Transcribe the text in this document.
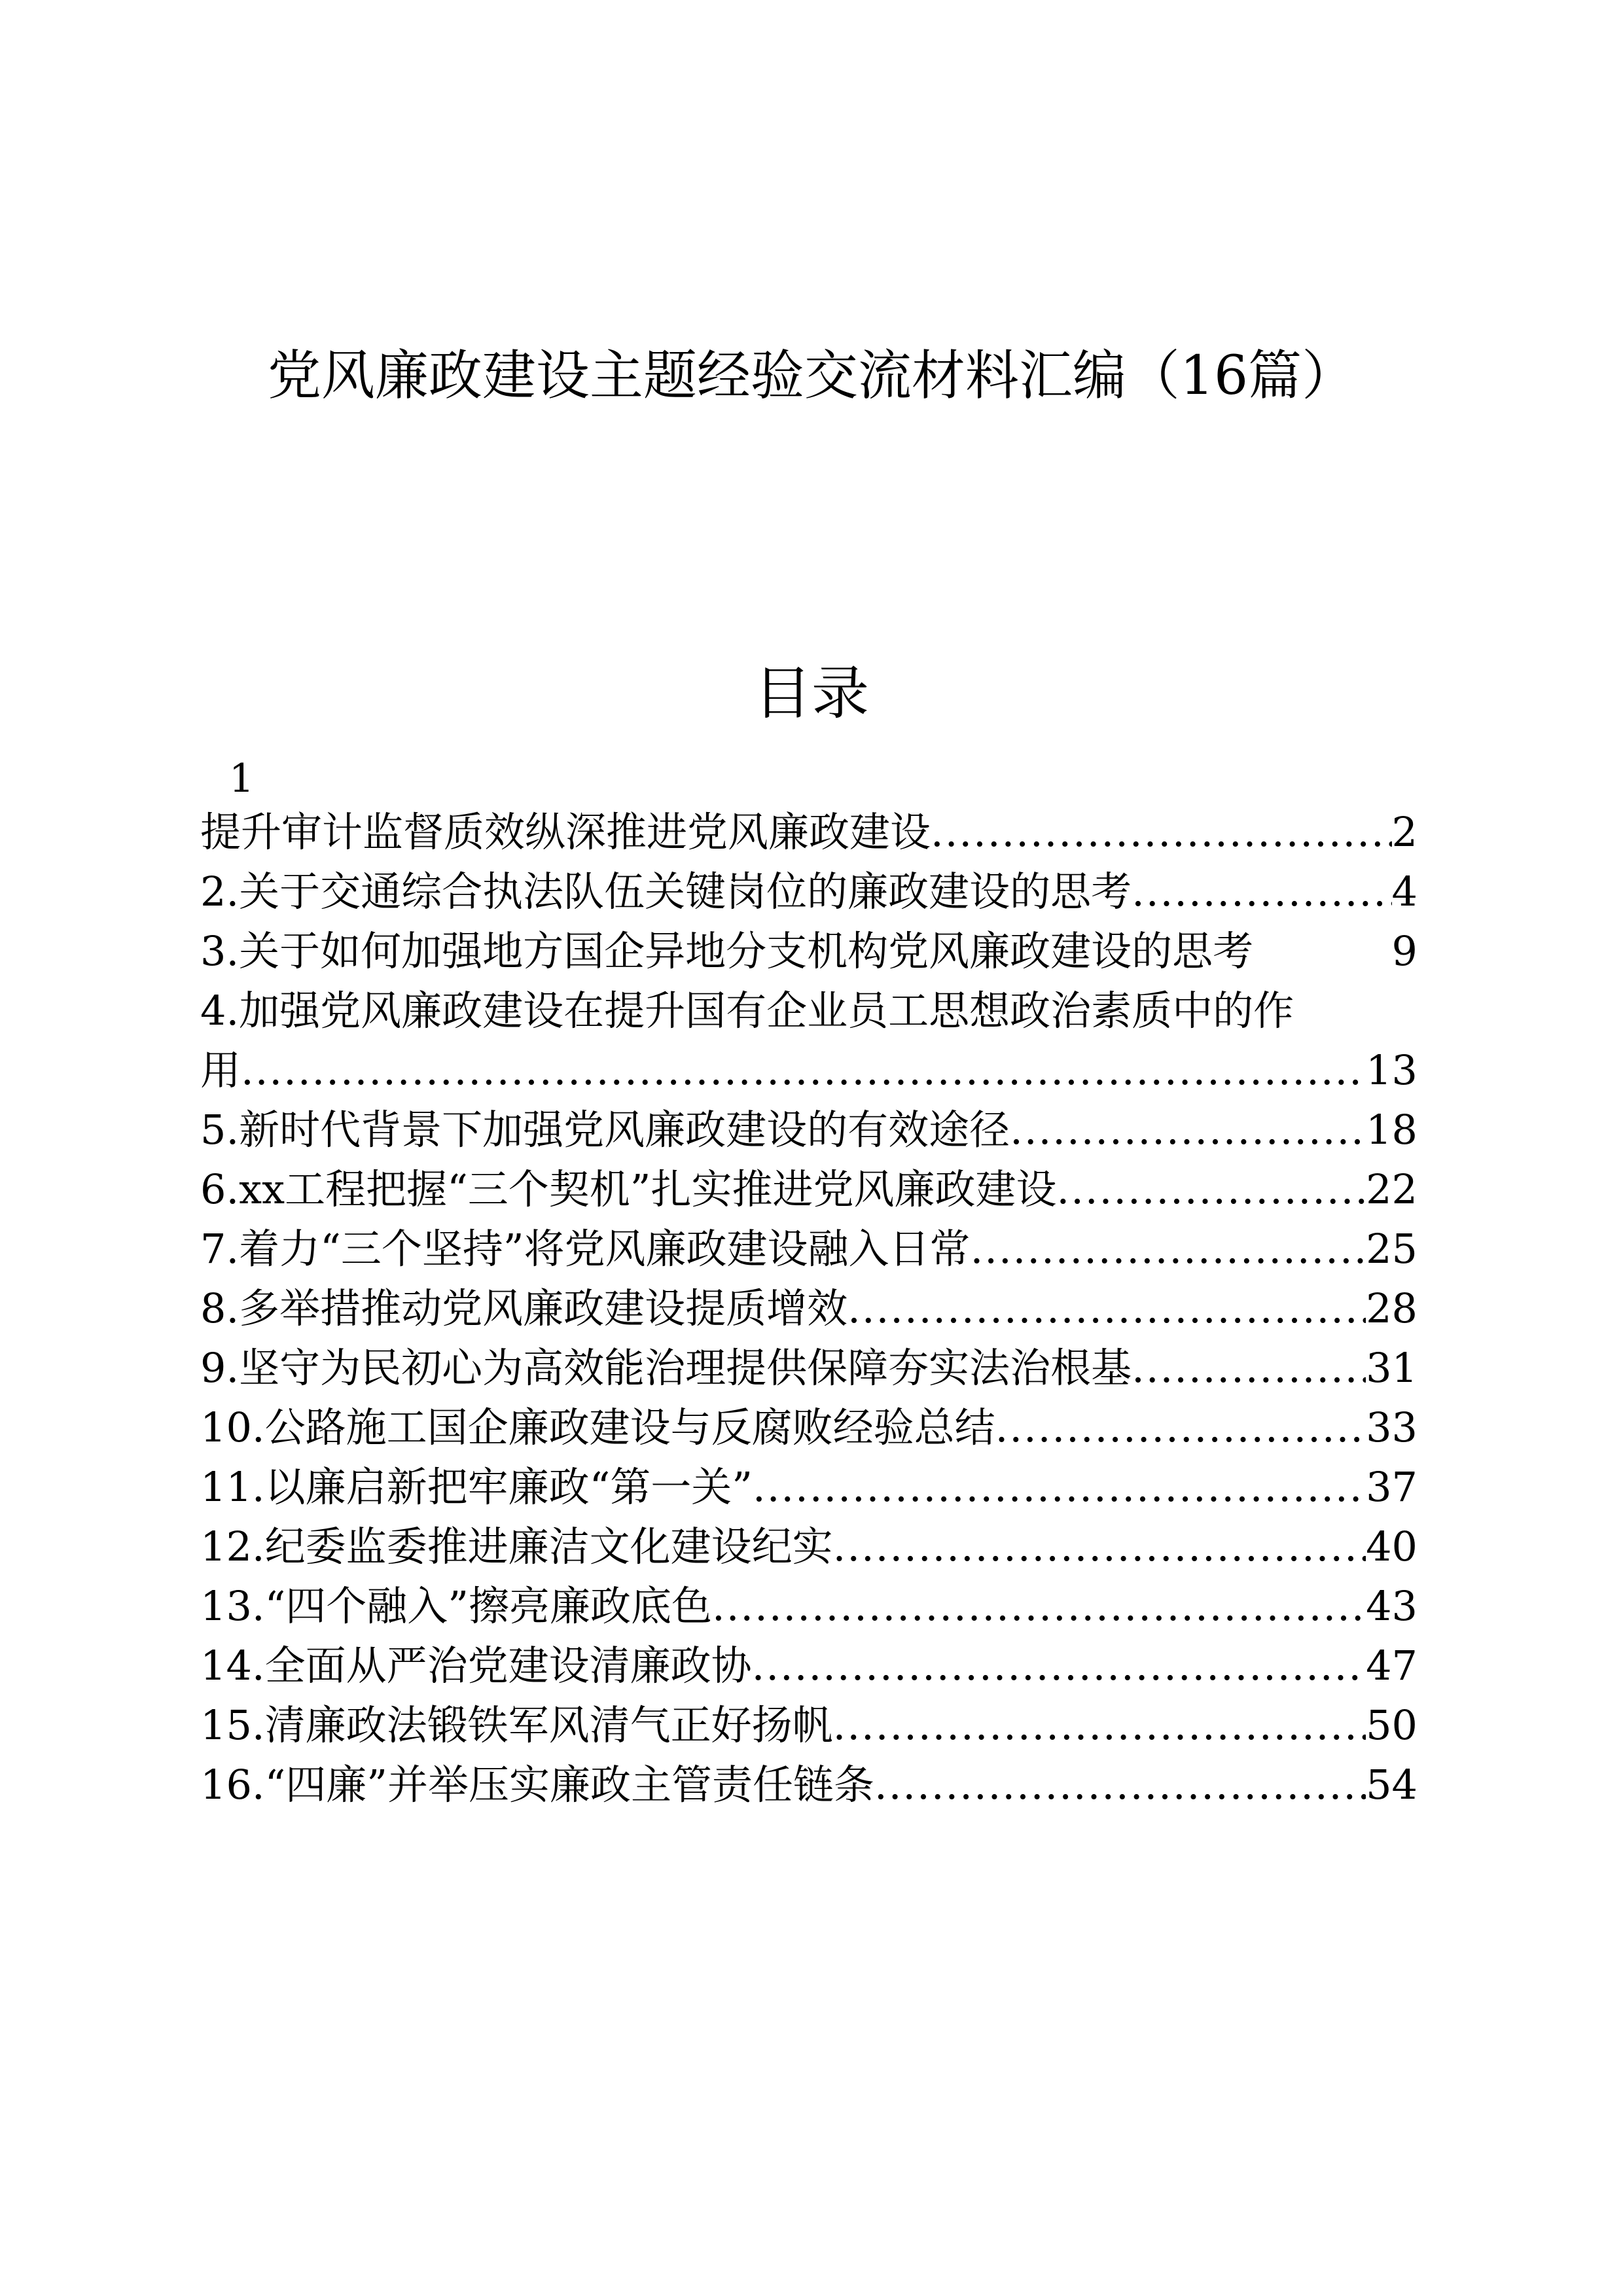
党风廉政建设主题经验交流材料汇编（16篇）
目录
1
提升审计监督质效纵深推进党风廉政建设 .....	2
2.关于交通综合执法队伍关键岗位的廉政建设的思考 .....	4
3.关于如何加强地方国企异地分支机构党风廉政建设的思考	9
4.加强党风廉政建设在提升国有企业员工思想政治素质中的作
用 .....	13
5.新时代背景下加强党风廉政建设的有效途径 .....	18
6.xx工程把握“三个契机”扎实推进党风廉政建设 .....	22
7.着力“三个坚持”将党风廉政建设融入日常 .....	25
8.多举措推动党风廉政建设提质增效 .....	28
9.坚守为民初心为高效能治理提供保障夯实法治根基 .....	31
10.公路施工国企廉政建设与反腐败经验总结 .....	33
11.以廉启新把牢廉政“第一关” .....	37
12.纪委监委推进廉洁文化建设纪实 .....	40
13.“四个融入”擦亮廉政底色 .....	43
14.全面从严治党建设清廉政协 .....	47
15.清廉政法锻铁军风清气正好扬帆 .....	50
16.“四廉”并举压实廉政主管责任链条 .....	54
